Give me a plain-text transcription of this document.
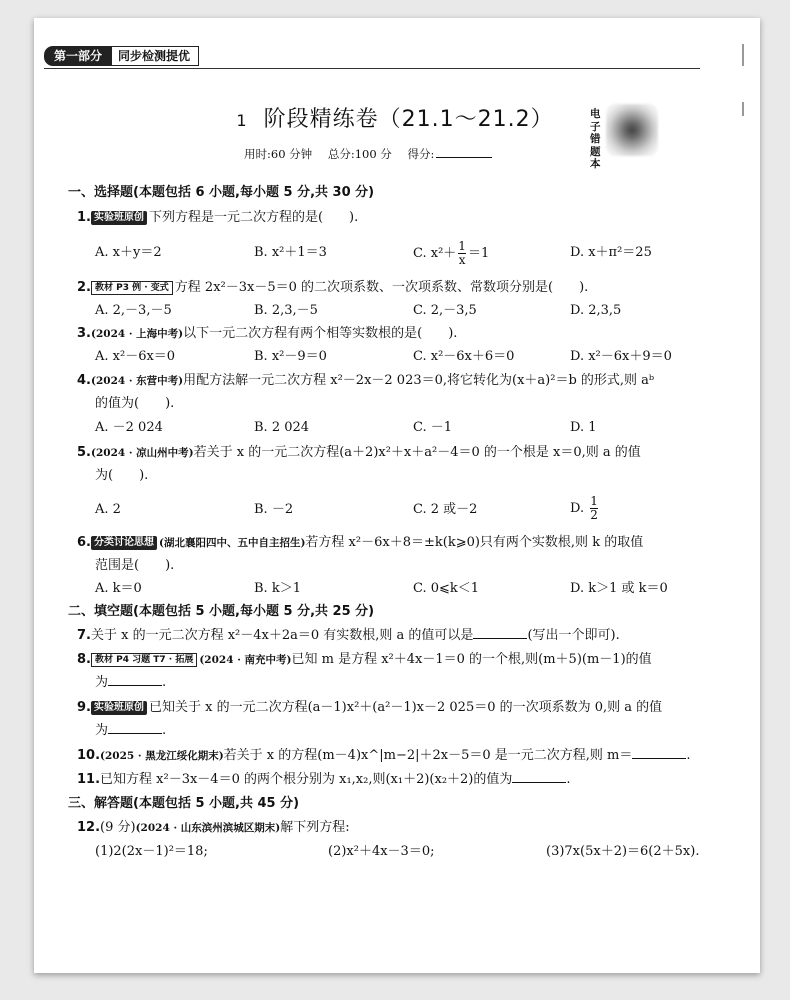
第一部分	同步检测提优
1 阶段精练卷（21.1～21.2）
用时:60 分钟 总分:100 分 得分:
电子错题本
一、选择题(本题包括 6 小题,每小题 5 分,共 30 分)
1. 实验班原创 下列方程是一元二次方程的是(　　).
A. x＋y＝2	B. x²＋1＝3	C. $x^2+ \frac{1}{x} =1$	D. x＋π²＝25
2. 教材 P3 例 · 变式 方程 2x²－3x－5＝0 的二次项系数、一次项系数、常数项分别是(　　).
A. 2,－3,－5	B. 2,3,－5	C. 2,－3,5	D. 2,3,5
3.(2024 · 上海中考)以下一元二次方程有两个相等实数根的是(　　).
A. x²－6x＝0	B. x²－9＝0	C. x²－6x＋6＝0	D. x²－6x＋9＝0
4.(2024 · 东营中考)用配方法解一元二次方程 x²－2x－2 023＝0,将它转化为(x＋a)²＝b 的形式,则 aᵇ
的值为(　　).
A. －2 024	B. 2 024	C. －1	D. 1
5.(2024 · 凉山州中考)若关于 x 的一元二次方程(a＋2)x²＋x＋a²－4＝0 的一个根是 x＝0,则 a 的值
为(　　).
A. 2	B. －2	C. 2 或－2	D. $\frac{1}{2}$
6. 分类讨论思想 (湖北襄阳四中、五中自主招生)若方程 x²－6x＋8＝±k(k⩾0)只有两个实数根,则 k 的取值
范围是(　　).
A. k＝0	B. k＞1	C. 0⩽k＜1	D. k＞1 或 k＝0
二、填空题(本题包括 5 小题,每小题 5 分,共 25 分)
7.关于 x 的一元二次方程 x²－4x＋2a＝0 有实数根,则 a 的值可以是	(写出一个即可).
8. 教材 P4 习题 T7 · 拓展 (2024 · 南充中考)已知 m 是方程 x²＋4x－1＝0 的一个根,则(m＋5)(m－1)的值
为	.
9. 实验班原创 已知关于 x 的一元二次方程(a－1)x²＋(a²－1)x－2 025＝0 的一次项系数为 0,则 a 的值
为	.
10.(2025 · 黑龙江绥化期末)若关于 x 的方程(m－4)x^|m−2|＋2x－5＝0 是一元二次方程,则 m＝	.
11.已知方程 x²－3x－4＝0 的两个根分别为 x₁,x₂,则(x₁＋2)(x₂＋2)的值为	.
三、解答题(本题包括 5 小题,共 45 分)
12.(9 分)(2024 · 山东滨州滨城区期末)解下列方程:
(1)2(2x－1)²＝18;	(2)x²＋4x－3＝0;	(3)7x(5x＋2)＝6(2＋5x).
